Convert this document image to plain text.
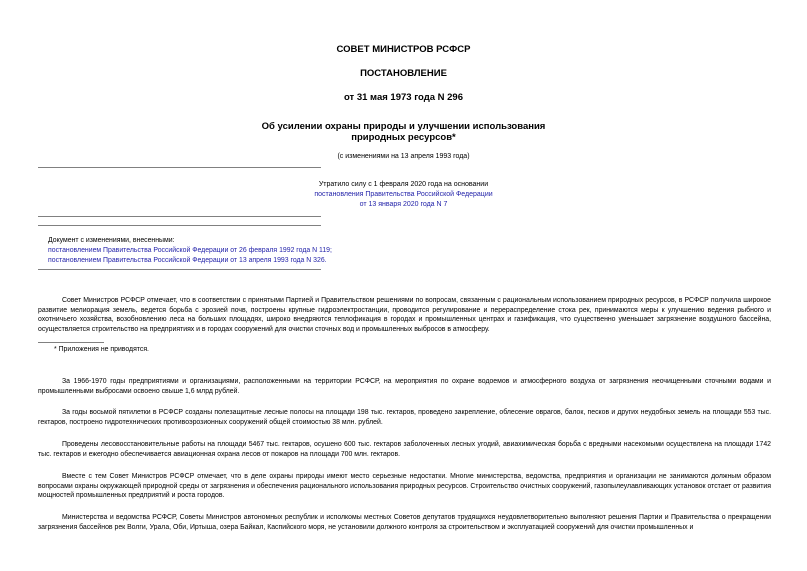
СОВЕТ МИНИСТРОВ РСФСР
ПОСТАНОВЛЕНИЕ
от 31 мая 1973 года N 296
Об усилении охраны природы и улучшении использования
природных ресурсов*
(с изменениями на 13 апреля 1993 года)
Утратило силу с 1 февраля 2020 года на основании
постановления Правительства Российской Федерации
от 13 января 2020 года N 7
Документ с изменениями, внесенными:
постановлением Правительства Российской Федерации от 26 февраля 1992 года N 119;
постановлением Правительства Российской Федерации от 13 апреля 1993 года N 326.
Совет Министров РСФСР отмечает, что в соответствии с принятыми Партией и Правительством решениями по вопросам, связанным с рациональным использованием природных ресурсов, в РСФСР получила широкое развитие мелиорация земель, ведется борьба с эрозией почв, построены крупные гидроэлектростанции, проводится регулирование и перераспределение стока рек, принимаются меры к улучшению ведения рыбного и охотничьего хозяйства, возобновлению леса на больших площадях, широко внедряются теплофикация в городах и промышленных центрах и газификация, что существенно уменьшает загрязнение воздушного бассейна, осуществляется строительство на предприятиях и в городах сооружений для очистки сточных вод и промышленных выбросов в атмосферу.
* Приложения не приводятся.
За 1966-1970 годы предприятиями и организациями, расположенными на территории РСФСР, на мероприятия по охране водоемов и атмосферного воздуха от загрязнения неочищенными сточными водами и промышленными выбросами освоено свыше 1,6 млрд рублей.
За годы восьмой пятилетки в РСФСР созданы полезащитные лесные полосы на площади 198 тыс. гектаров, проведено закрепление, облесение оврагов, балок, песков и других неудобных земель на площади 553 тыс. гектаров, построено гидротехнических противоэрозионных сооружений общей стоимостью 38 млн. рублей.
Проведены лесовосстановительные работы на площади 5467 тыс. гектаров, осушено 600 тыс. гектаров заболоченных лесных угодий, авиахимическая борьба с вредными насекомыми осуществлена на площади 1742 тыс. гектаров и ежегодно обеспечивается авиационная охрана лесов от пожаров на площади 700 млн. гектаров.
Вместе с тем Совет Министров РСФСР отмечает, что в деле охраны природы имеют место серьезные недостатки. Многие министерства, ведомства, предприятия и организации не занимаются должным образом вопросами охраны окружающей природной среды от загрязнения и обеспечения рационального использования природных ресурсов. Строительство очистных сооружений, газопылеулавливающих установок отстает от развития мощностей промышленных предприятий и роста городов.
Министерства и ведомства РСФСР, Советы Министров автономных республик и исполкомы местных Советов депутатов трудящихся неудовлетворительно выполняют решения Партии и Правительства о прекращении загрязнения бассейнов рек Волги, Урала, Оби, Иртыша, озера Байкал, Каспийского моря, не установили должного контроля за строительством и эксплуатацией сооружений для очистки промышленных и
